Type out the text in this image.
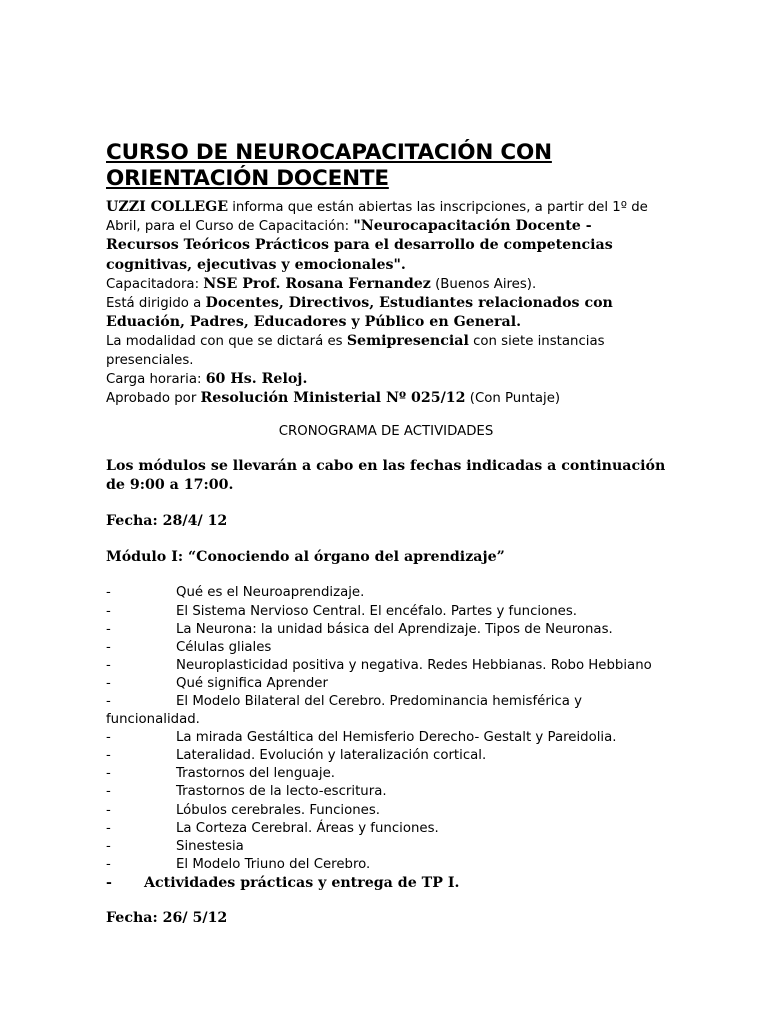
CURSO DE NEUROCAPACITACIÓN CON
ORIENTACIÓN DOCENTE

UZZI COLLEGE informa que están abiertas las inscripciones, a partir del 1º de Abril, para el Curso de Capacitación: "Neurocapacitación Docente - Recursos Teóricos Prácticos para el desarrollo de competencias cognitivas, ejecutivas y emocionales".

Capacitadora: NSE Prof. Rosana Fernandez (Buenos Aires).

Está dirigido a Docentes, Directivos, Estudiantes relacionados con Eduación, Padres, Educadores y Público en General.

La modalidad con que se dictará es Semipresencial con siete instancias presenciales.

Carga horaria: 60 Hs. Reloj.

Aprobado por Resolución Ministerial Nº 025/12 (Con Puntaje)

CRONOGRAMA DE ACTIVIDADES

Los módulos se llevarán a cabo en las fechas indicadas a continuación de 9:00 a 17:00.

Fecha: 28/4/ 12

Módulo I: “Conociendo al órgano del aprendizaje”

-	Qué es el Neuroaprendizaje.
-	El Sistema Nervioso Central. El encéfalo. Partes y funciones.
-	La Neurona: la unidad básica del Aprendizaje. Tipos de Neuronas.
-	Células gliales
-	Neuroplasticidad positiva y negativa. Redes Hebbianas. Robo Hebbiano
-	Qué significa Aprender
-	El Modelo Bilateral del Cerebro. Predominancia hemisférica y funcionalidad.
-	La mirada Gestáltica del Hemisferio Derecho- Gestalt y Pareidolia.
-	Lateralidad. Evolución y lateralización cortical.
-	Trastornos del lenguaje.
-	Trastornos de la lecto-escritura.
-	Lóbulos cerebrales. Funciones.
-	La Corteza Cerebral. Áreas y funciones.
-	Sinestesia
-	El Modelo Triuno del Cerebro.
- Actividades prácticas y entrega de TP I.

Fecha: 26/ 5/12
